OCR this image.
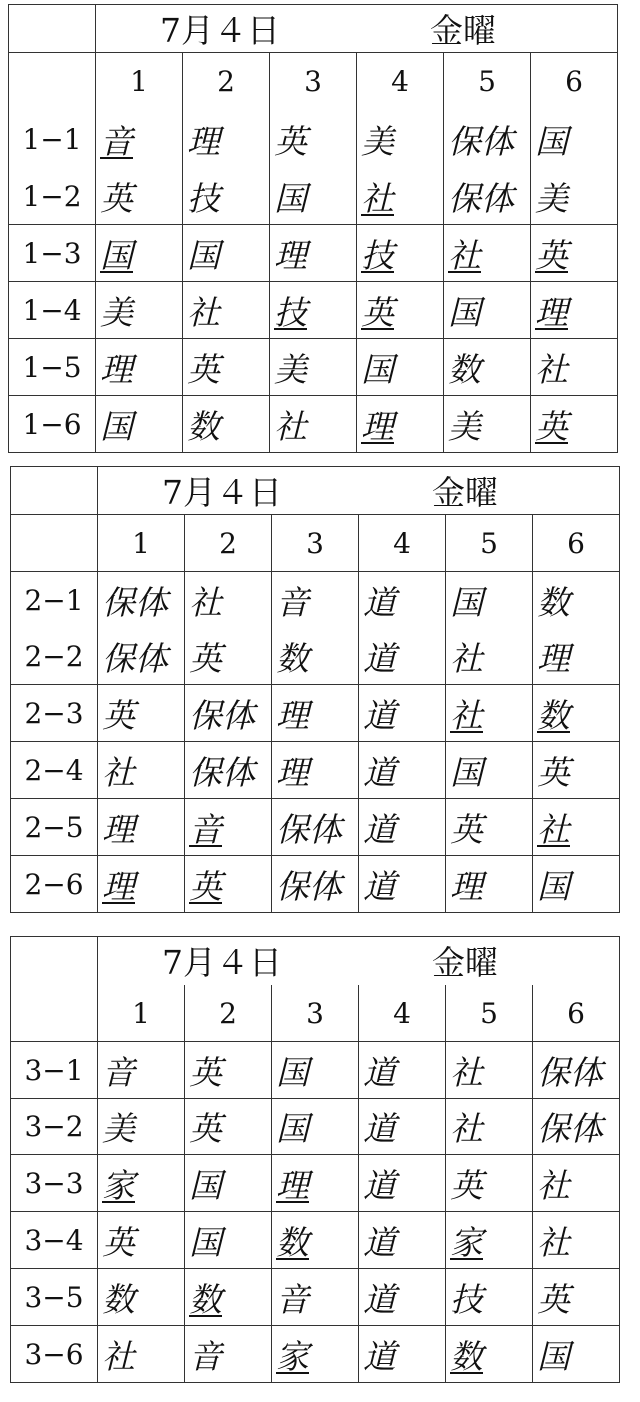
	7月４日 金曜					
	1	2	3	4	5	6
1−1	音	理	英	美	保体	国
1−2	英	技	国	社	保体	美
1−3	国	国	理	技	社	英
1−4	美	社	技	英	国	理
1−5	理	英	美	国	数	社
1−6	国	数	社	理	美	英
	7月４日 金曜					
	1	2	3	4	5	6
2−1	保体	社	音	道	国	数
2−2	保体	英	数	道	社	理
2−3	英	保体	理	道	社	数
2−4	社	保体	理	道	国	英
2−5	理	音	保体	道	英	社
2−6	理	英	保体	道	理	国
	7月４日 金曜					
	1	2	3	4	5	6
3−1	音	英	国	道	社	保体
3−2	美	英	国	道	社	保体
3−3	家	国	理	道	英	社
3−4	英	国	数	道	家	社
3−5	数	数	音	道	技	英
3−6	社	音	家	道	数	国
